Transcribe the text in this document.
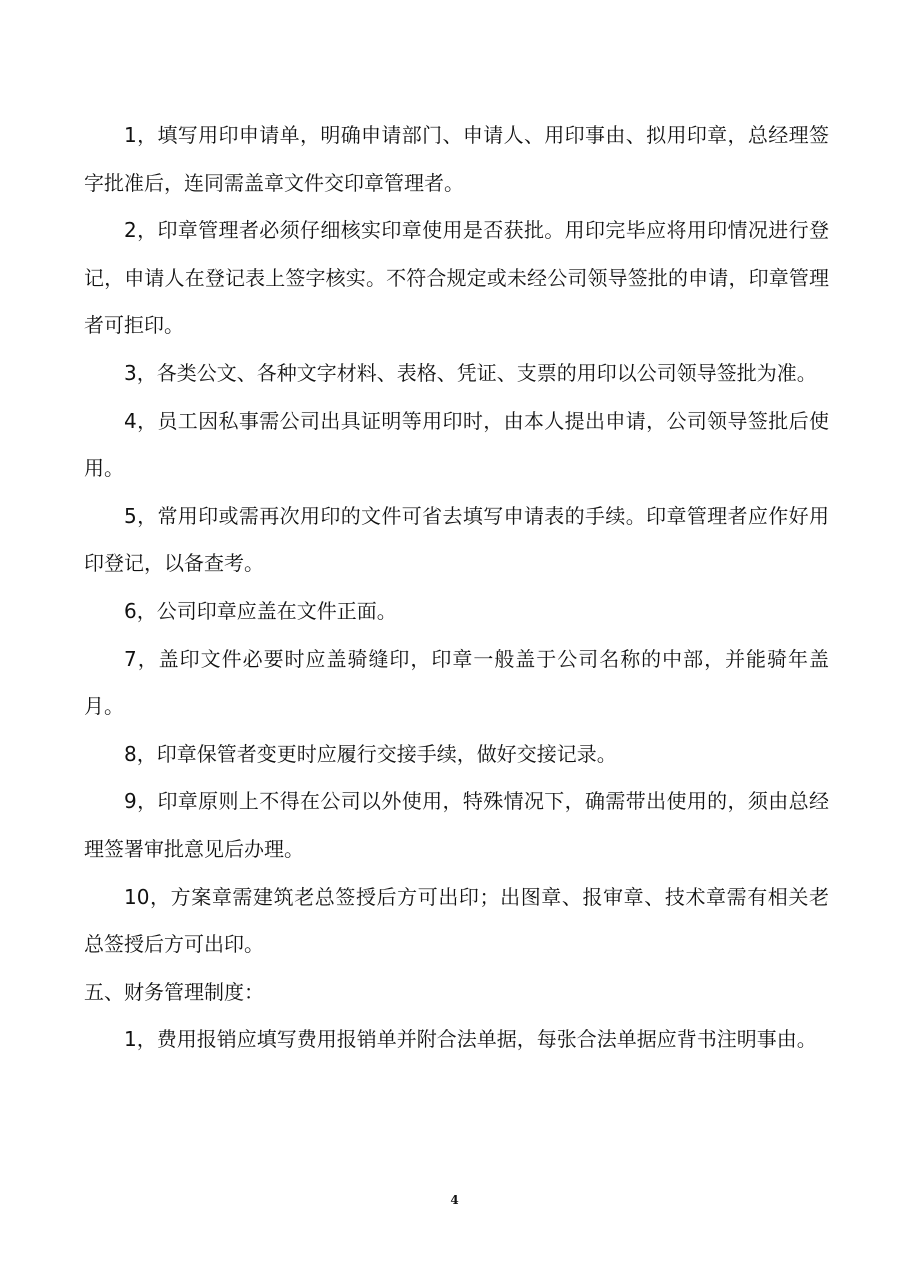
1，填写用印申请单，明确申请部门、申请人、用印事由、拟用印章，总经理签字批准后，连同需盖章文件交印章管理者。

2，印章管理者必须仔细核实印章使用是否获批。用印完毕应将用印情况进行登记，申请人在登记表上签字核实。不符合规定或未经公司领导签批的申请，印章管理者可拒印。

3，各类公文、各种文字材料、表格、凭证、支票的用印以公司领导签批为准。

4，员工因私事需公司出具证明等用印时，由本人提出申请，公司领导签批后使用。

5，常用印或需再次用印的文件可省去填写申请表的手续。印章管理者应作好用印登记，以备查考。

6，公司印章应盖在文件正面。

7，盖印文件必要时应盖骑缝印，印章一般盖于公司名称的中部，并能骑年盖月。

8，印章保管者变更时应履行交接手续，做好交接记录。

9，印章原则上不得在公司以外使用，特殊情况下，确需带出使用的，须由总经理签署审批意见后办理。

10，方案章需建筑老总签授后方可出印；出图章、报审章、技术章需有相关老总签授后方可出印。

五、财务管理制度：

1，费用报销应填写费用报销单并附合法单据，每张合法单据应背书注明事由。

4
